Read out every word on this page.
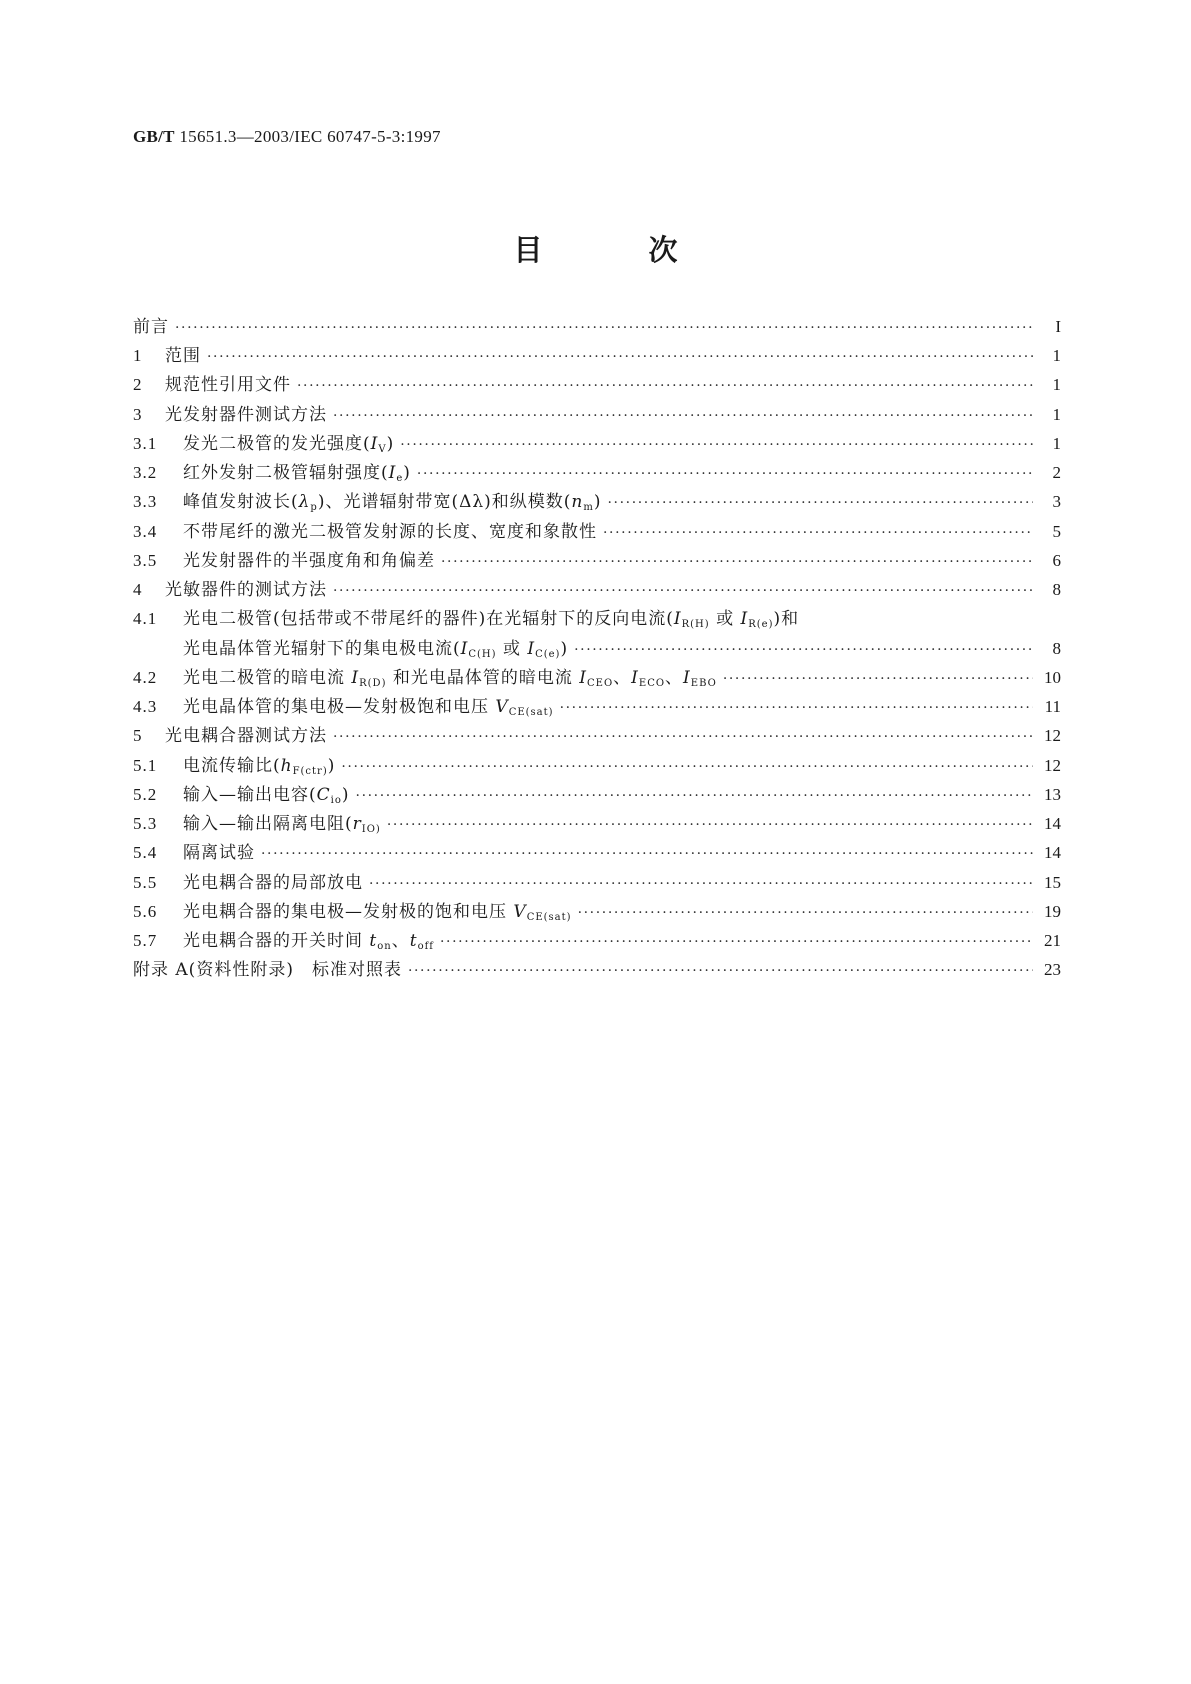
GB/T 15651.3—2003/IEC 60747-5-3:1997
目 次
前言 ·····	I
1	范围 ·····	1
2	规范性引用文件 ·····	1
3	光发射器件测试方法 ·····	1
3.1	发光二极管的发光强度$(I_V)$ ·····	1
3.2	红外发射二极管辐射强度$(I_e)$ ·····	2
3.3	峰值发射波长$(\lambda_p)$、光谱辐射带宽(Δλ)和纵模数$(n_m)$ ·····	3
3.4	不带尾纤的激光二极管发射源的长度、宽度和象散性 ·····	5
3.5	光发射器件的半强度角和角偏差 ·····	6
4	光敏器件的测试方法 ·····	8
4.1	光电二极管(包括带或不带尾纤的器件)在光辐射下的反向电流($I_{R(H)}$ 或 $I_{R(e)}$)和
光电晶体管光辐射下的集电极电流($I_{C(H)}$ 或 $I_{C(e)}$) ·····	8
4.2	光电二极管的暗电流 $I_{R(D)}$ 和光电晶体管的暗电流 $I_{CEO}$、$I_{ECO}$、$I_{EBO}$ ·····	10
4.3	光电晶体管的集电极—发射极饱和电压 $V_{CE(sat)}$ ·····	11
5	光电耦合器测试方法 ·····	12
5.1	电流传输比$(h_{F(ctr)})$ ·····	12
5.2	输入—输出电容$(C_{io})$ ·····	13
5.3	输入—输出隔离电阻($r_{IO)}$ ·····	14
5.4	隔离试验 ·····	14
5.5	光电耦合器的局部放电 ·····	15
5.6	光电耦合器的集电极—发射极的饱和电压 $V_{CE(sat)}$ ·····	19
5.7	光电耦合器的开关时间 $t_{on}$、$t_{off}$ ·····	21
附录 A(资料性附录)　标准对照表 ·····	23
